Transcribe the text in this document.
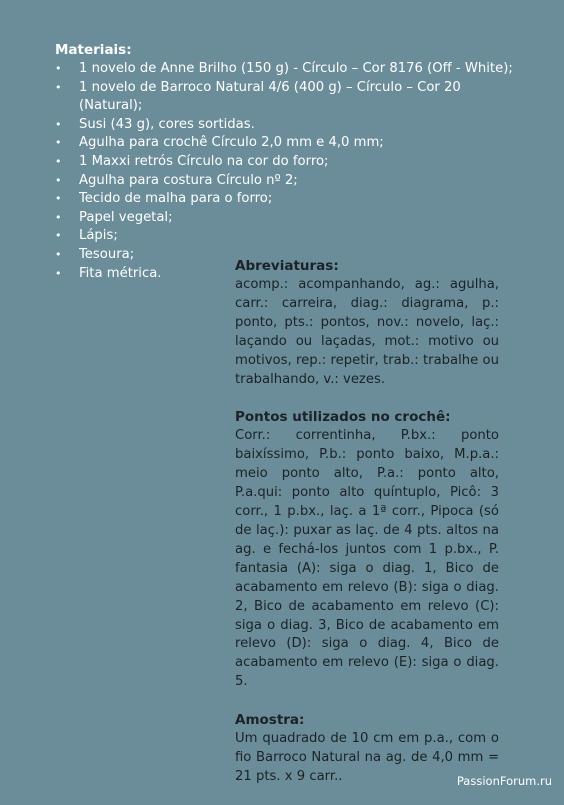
Materiais:
• 1 novelo de Anne Brilho (150 g) - Círculo – Cor 8176 (Off - White);
• 1 novelo de Barroco Natural 4/6 (400 g) – Círculo – Cor 20 (Natural);
• Susi (43 g), cores sortidas.
• Agulha para crochê Círculo 2,0 mm e 4,0 mm;
• 1 Maxxi retrós Círculo na cor do forro;
• Agulha para costura Círculo nº 2;
• Tecido de malha para o forro;
• Papel vegetal;
• Lápis;
• Tesoura;
• Fita métrica.	Abreviaturas:
acomp.: acompanhando, ag.: agulha, carr.: carreira, diag.: diagrama, p.: ponto, pts.: pontos, nov.: novelo, laç.: laçando ou laçadas, mot.: motivo ou motivos, rep.: repetir, trab.: trabalhe ou trabalhando, v.: vezes.
Pontos utilizados no crochê:
Corr.: correntinha, P.bx.: ponto baixíssimo, P.b.: ponto baixo, M.p.a.: meio ponto alto, P.a.: ponto alto, P.a.qui: ponto alto quíntuplo, Picô: 3 corr., 1 p.bx., laç. a 1ª corr., Pipoca (só de laç.): puxar as laç. de 4 pts. altos na ag. e fechá-los juntos com 1 p.bx., P. fantasia (A): siga o diag. 1, Bico de acabamento em relevo (B): siga o diag. 2, Bico de acabamento em relevo (C): siga o diag. 3, Bico de acabamento em relevo (D): siga o diag. 4, Bico de acabamento em relevo (E): siga o diag. 5.
Amostra:
Um quadrado de 10 cm em p.a., com o fio Barroco Natural na ag. de 4,0 mm = 21 pts. x 9 carr..	PassionForum.ru
